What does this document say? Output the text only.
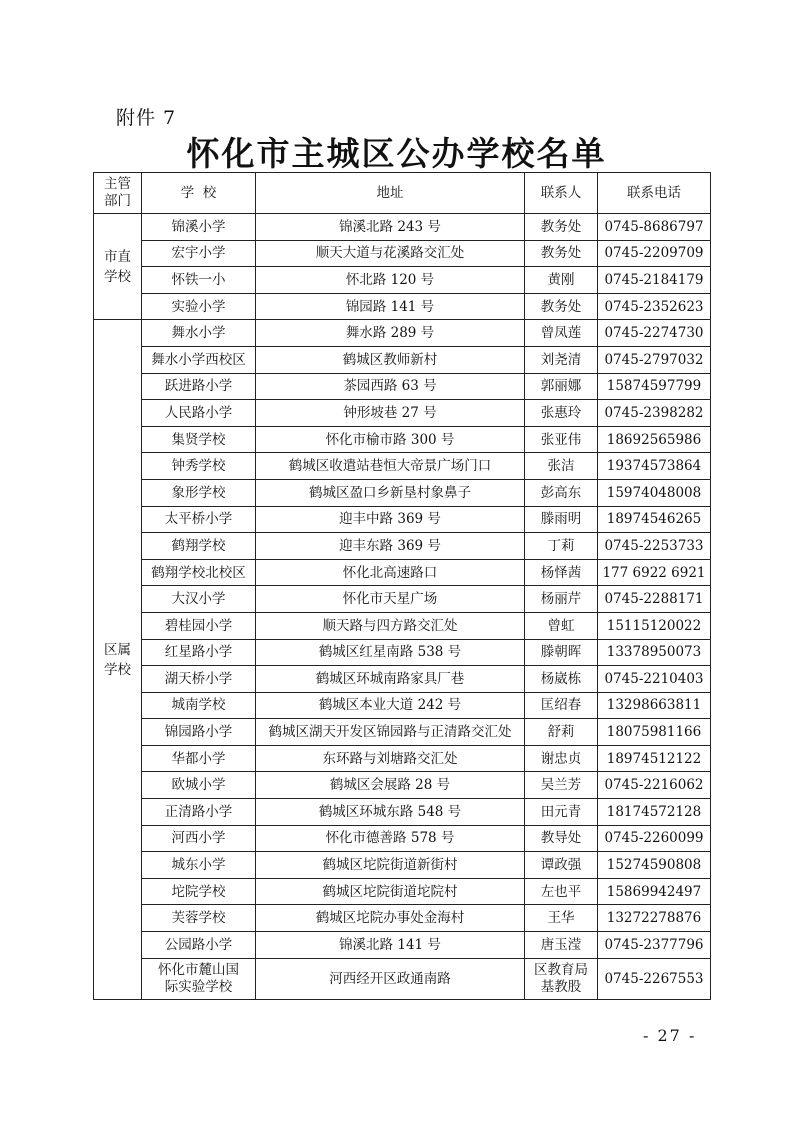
附件 7
怀化市主城区公办学校名单
主管
部门	学  校	地址	联系人	联系电话
市直
学校	锦溪小学	锦溪北路 243 号	教务处	0745-8686797
	宏宇小学	顺天大道与花溪路交汇处	教务处	0745-2209709
	怀铁一小	怀北路 120 号	黄刚	0745-2184179
	实验小学	锦园路 141 号	教务处	0745-2352623
区属
学校	舞水小学	舞水路 289 号	曾凤莲	0745-2274730
	舞水小学西校区	鹤城区教师新村	刘尧清	0745-2797032
	跃进路小学	茶园西路 63 号	郭丽娜	15874597799
	人民路小学	钟形坡巷 27 号	张惠玲	0745-2398282
	集贤学校	怀化市榆市路 300 号	张亚伟	18692565986
	钟秀学校	鹤城区收遣站巷恒大帝景广场门口	张洁	19374573864
	象形学校	鹤城区盈口乡新垦村象鼻子	彭高东	15974048008
	太平桥小学	迎丰中路 369 号	滕雨明	18974546265
	鹤翔学校	迎丰东路 369 号	丁莉	0745-2253733
	鹤翔学校北校区	怀化北高速路口	杨怿茜	177 6922 6921
	大汉小学	怀化市天星广场	杨丽芹	0745-2288171
	碧桂园小学	顺天路与四方路交汇处	曾虹	15115120022
	红星路小学	鹤城区红星南路 538 号	滕朝晖	13378950073
	湖天桥小学	鹤城区环城南路家具厂巷	杨崴栋	0745-2210403
	城南学校	鹤城区本业大道 242 号	匡绍春	13298663811
	锦园路小学	鹤城区湖天开发区锦园路与正清路交汇处	舒莉	18075981166
	华都小学	东环路与刘塘路交汇处	谢忠贞	18974512122
	欧城小学	鹤城区会展路 28 号	吴兰芳	0745-2216062
	正清路小学	鹤城区环城东路 548 号	田元青	18174572128
	河西小学	怀化市德善路 578 号	教导处	0745-2260099
	城东小学	鹤城区坨院街道新街村	谭政强	15274590808
	坨院学校	鹤城区坨院街道坨院村	左也平	15869942497
	芙蓉学校	鹤城区坨院办事处金海村	王华	13272278876
	公园路小学	锦溪北路 141 号	唐玉滢	0745-2377796
	怀化市麓山国际实验学校	河西经开区政通南路	区教育局基教股	0745-2267553
- 27 -
